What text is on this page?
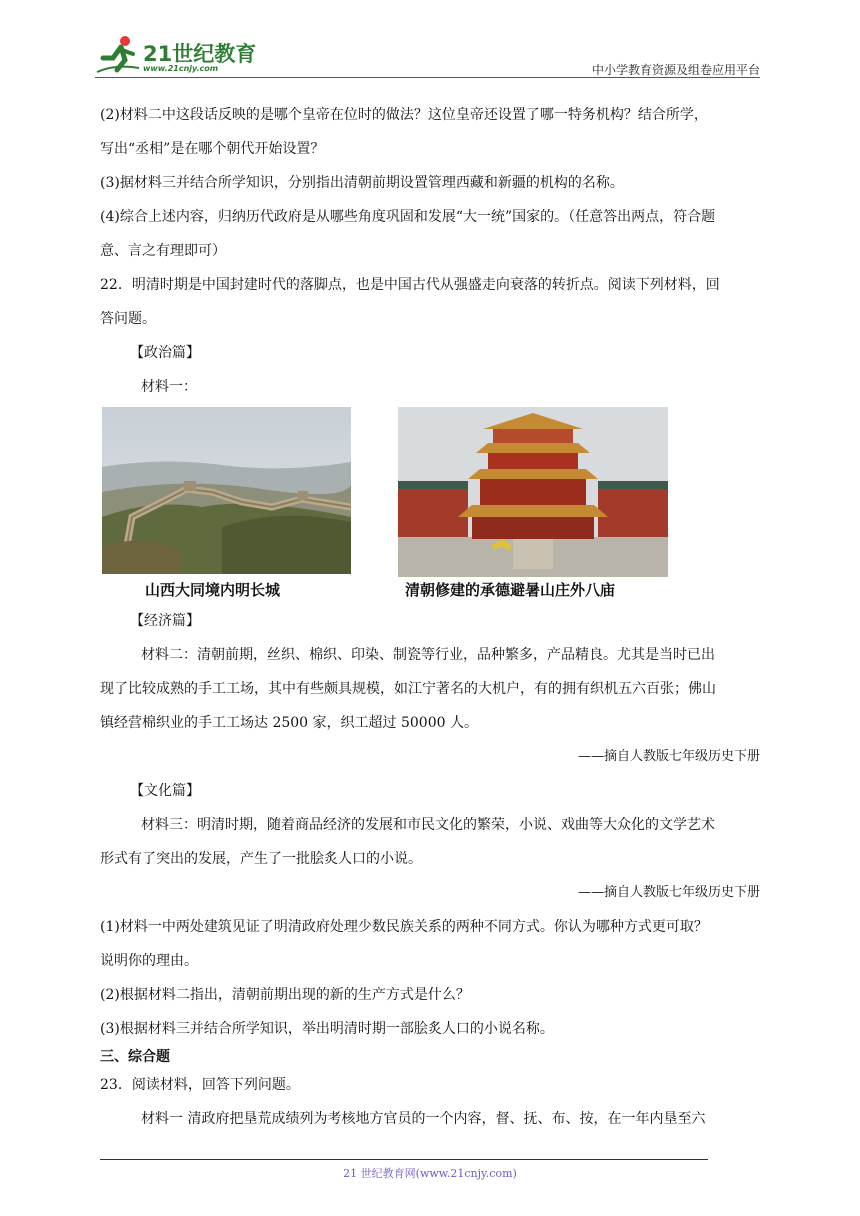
21世纪教育
www.21cnjy.com	中小学教育资源及组卷应用平台
(2)材料二中这段话反映的是哪个皇帝在位时的做法？这位皇帝还设置了哪一特务机构？结合所学，
写出“丞相”是在哪个朝代开始设置？
(3)据材料三并结合所学知识，分别指出清朝前期设置管理西藏和新疆的机构的名称。
(4)综合上述内容，归纳历代政府是从哪些角度巩固和发展“大一统”国家的。（任意答出两点，符合题
意、言之有理即可）
22．明清时期是中国封建时代的落脚点，也是中国古代从强盛走向衰落的转折点。阅读下列材料，回
答问题。
【政治篇】
材料一：
山西大同境内明长城	清朝修建的承德避暑山庄外八庙
【经济篇】
材料二：清朝前期，丝织、棉织、印染、制瓷等行业，品种繁多，产品精良。尤其是当时已出
现了比较成熟的手工工场，其中有些颇具规模，如江宁著名的大机户，有的拥有织机五六百张；佛山
镇经营棉织业的手工工场达 2500 家，织工超过 50000 人。
——摘自人教版七年级历史下册
【文化篇】
材料三：明清时期，随着商品经济的发展和市民文化的繁荣，小说、戏曲等大众化的文学艺术
形式有了突出的发展，产生了一批脍炙人口的小说。
——摘自人教版七年级历史下册
(1)材料一中两处建筑见证了明清政府处理少数民族关系的两种不同方式。你认为哪种方式更可取？
说明你的理由。
(2)根据材料二指出，清朝前期出现的新的生产方式是什么？
(3)根据材料三并结合所学知识，举出明清时期一部脍炙人口的小说名称。
三、综合题
23．阅读材料，回答下列问题。
材料一 清政府把垦荒成绩列为考核地方官员的一个内容，督、抚、布、按，在一年内垦至六
21 世纪教育网(www.21cnjy.com)
